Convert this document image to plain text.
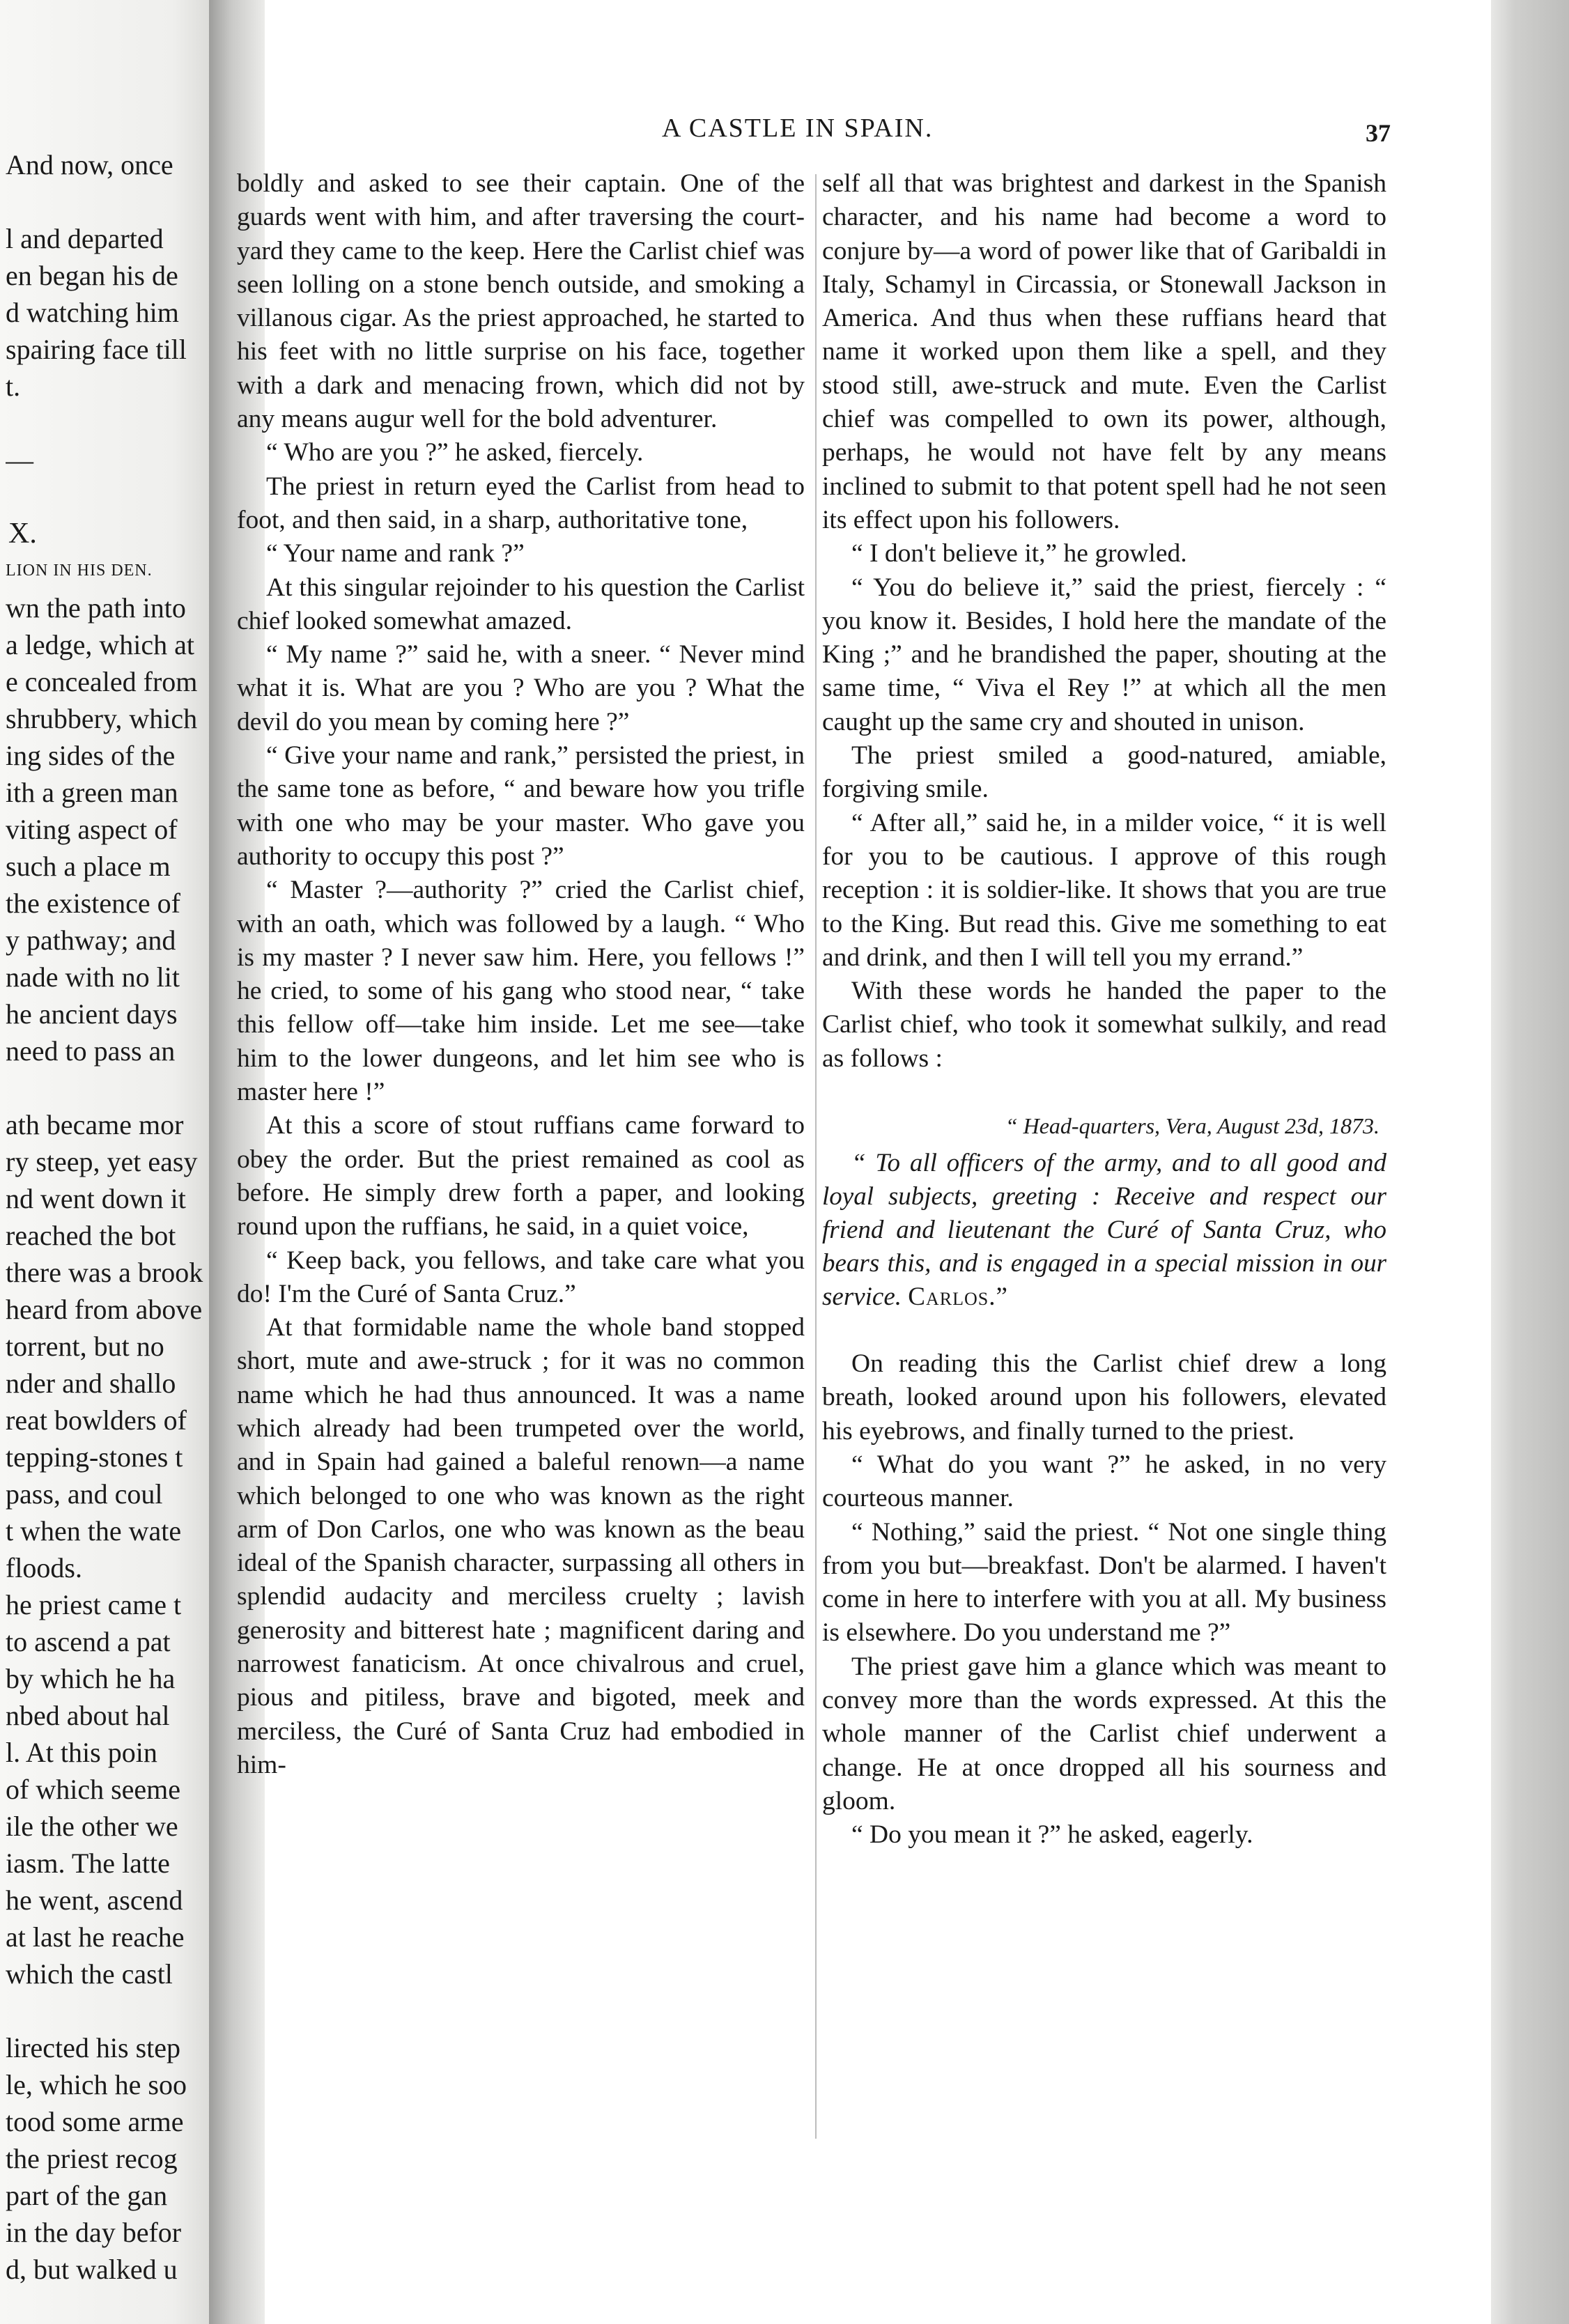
And now, once
l and departed
en began his de
d watching him
spairing face till
t.
—
X.
LION IN HIS DEN.
wn the path into
a ledge, which at
e concealed from
shrubbery, which
ing sides of the
ith a green man
viting aspect of
such a place m
the existence of
y pathway; and
nade with no lit
he ancient days
need to pass an
ath became mor
ry steep, yet easy
nd went down it
reached the bot
there was a brook
heard from above
torrent, but no
nder and shallo
reat bowlders of
tepping-stones t
pass, and coul
t when the wate
floods.
he priest came t
to ascend a pat
by which he ha
nbed about hal
l. At this poin
of which seeme
ile the other we
iasm. The latte
he went, ascend
at last he reache
which the castl
lirected his step
le, which he soo
tood some arme
the priest recog
part of the gan
in the day befor
d, but walked u
A CASTLE IN SPAIN.	37

boldly and asked to see their captain. One of the guards went with him, and after traversing the court-yard they came to the keep. Here the Carlist chief was seen lolling on a stone bench outside, and smoking a villanous cigar. As the priest approached, he started to his feet with no little surprise on his face, together with a dark and menacing frown, which did not by any means augur well for the bold adventurer.

“ Who are you ?” he asked, fiercely.

The priest in return eyed the Carlist from head to foot, and then said, in a sharp, authoritative tone,

“ Your name and rank ?”

At this singular rejoinder to his question the Carlist chief looked somewhat amazed.

“ My name ?” said he, with a sneer. “ Never mind what it is. What are you ? Who are you ? What the devil do you mean by coming here ?”

“ Give your name and rank,” persisted the priest, in the same tone as before, “ and beware how you trifle with one who may be your master. Who gave you authority to occupy this post ?”

“ Master ?—authority ?” cried the Carlist chief, with an oath, which was followed by a laugh. “ Who is my master ? I never saw him. Here, you fellows !” he cried, to some of his gang who stood near, “ take this fellow off—take him inside. Let me see—take him to the lower dungeons, and let him see who is master here !”

At this a score of stout ruffians came forward to obey the order. But the priest remained as cool as before. He simply drew forth a paper, and looking round upon the ruffians, he said, in a quiet voice,

“ Keep back, you fellows, and take care what you do! I'm the Curé of Santa Cruz.”

At that formidable name the whole band stopped short, mute and awe-struck ; for it was no common name which he had thus announced. It was a name which already had been trumpeted over the world, and in Spain had gained a baleful renown—a name which belonged to one who was known as the right arm of Don Carlos, one who was known as the beau ideal of the Spanish character, surpassing all others in splendid audacity and merciless cruelty ; lavish generosity and bitterest hate ; magnificent daring and narrowest fanaticism. At once chivalrous and cruel, pious and pitiless, brave and bigoted, meek and merciless, the Curé of Santa Cruz had embodied in him-

self all that was brightest and darkest in the Spanish character, and his name had become a word to conjure by—a word of power like that of Garibaldi in Italy, Schamyl in Circassia, or Stonewall Jackson in America. And thus when these ruffians heard that name it worked upon them like a spell, and they stood still, awe-struck and mute. Even the Carlist chief was compelled to own its power, although, perhaps, he would not have felt by any means inclined to submit to that potent spell had he not seen its effect upon his followers.

“ I don't believe it,” he growled.

“ You do believe it,” said the priest, fiercely : “ you know it. Besides, I hold here the mandate of the King ;” and he brandished the paper, shouting at the same time, “ Viva el Rey !” at which all the men caught up the same cry and shouted in unison.

The priest smiled a good-natured, amiable, forgiving smile.

“ After all,” said he, in a milder voice, “ it is well for you to be cautious. I approve of this rough reception : it is soldier-like. It shows that you are true to the King. But read this. Give me something to eat and drink, and then I will tell you my errand.”

With these words he handed the paper to the Carlist chief, who took it somewhat sulkily, and read as follows :

“ Head-quarters, Vera, August 23d, 1873.
“ To all officers of the army, and to all good and loyal subjects, greeting : Receive and respect our friend and lieutenant the Curé of Santa Cruz, who bears this, and is engaged in a special mission in our service. Carlos.”

On reading this the Carlist chief drew a long breath, looked around upon his followers, elevated his eyebrows, and finally turned to the priest.

“ What do you want ?” he asked, in no very courteous manner.

“ Nothing,” said the priest. “ Not one single thing from you but—breakfast. Don't be alarmed. I haven't come in here to interfere with you at all. My business is elsewhere. Do you understand me ?”

The priest gave him a glance which was meant to convey more than the words expressed. At this the whole manner of the Carlist chief underwent a change. He at once dropped all his sourness and gloom.

“ Do you mean it ?” he asked, eagerly.
